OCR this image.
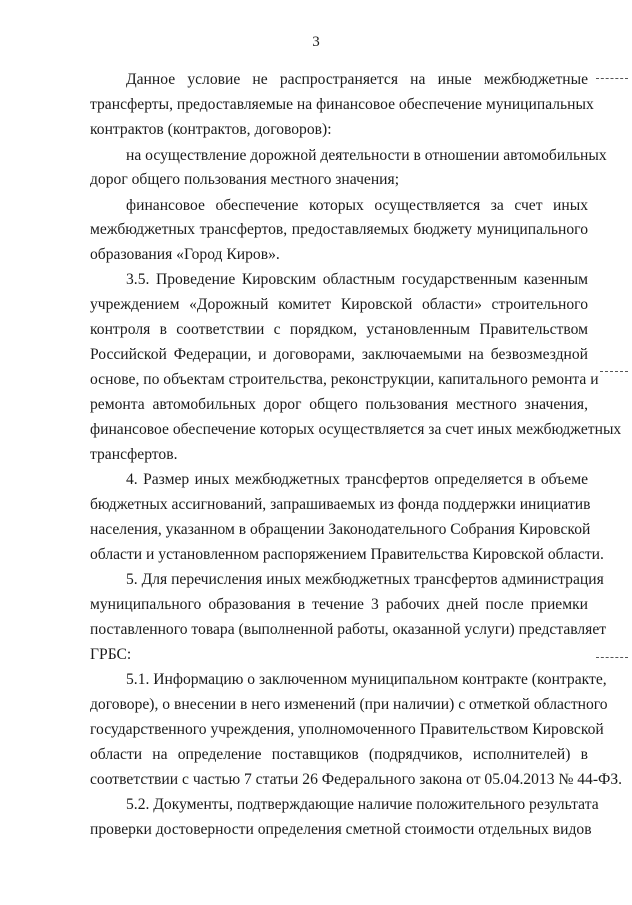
3
Данное условие не распространяется на иные межбюджетные
трансферты, предоставляемые на финансовое обеспечение муниципальных
контрактов (контрактов, договоров):
на осуществление дорожной деятельности в отношении автомобильных
дорог общего пользования местного значения;
финансовое обеспечение которых осуществляется за счет иных
межбюджетных трансфертов, предоставляемых бюджету муниципального
образования «Город Киров».
3.5. Проведение Кировским областным государственным казенным
учреждением «Дорожный комитет Кировской области» строительного
контроля в соответствии с порядком, установленным Правительством
Российской Федерации, и договорами, заключаемыми на безвозмездной
основе, по объектам строительства, реконструкции, капитального ремонта и
ремонта автомобильных дорог общего пользования местного значения,
финансовое обеспечение которых осуществляется за счет иных межбюджетных
трансфертов.
4. Размер иных межбюджетных трансфертов определяется в объеме
бюджетных ассигнований, запрашиваемых из фонда поддержки инициатив
населения, указанном в обращении Законодательного Собрания Кировской
области и установленном распоряжением Правительства Кировской области.
5. Для перечисления иных межбюджетных трансфертов администрация
муниципального образования в течение 3 рабочих дней после приемки
поставленного товара (выполненной работы, оказанной услуги) представляет
ГРБС:
5.1. Информацию о заключенном муниципальном контракте (контракте,
договоре), о внесении в него изменений (при наличии) с отметкой областного
государственного учреждения, уполномоченного Правительством Кировской
области на определение поставщиков (подрядчиков, исполнителей) в
соответствии с частью 7 статьи 26 Федерального закона от 05.04.2013 № 44-ФЗ.
5.2. Документы, подтверждающие наличие положительного результата
проверки достоверности определения сметной стоимости отдельных видов
